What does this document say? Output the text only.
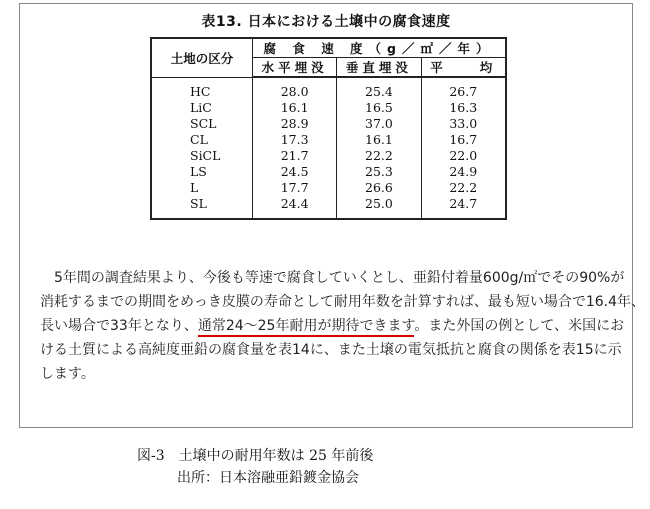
表13. 日本における土壌中の腐食速度
土地の区分	腐 食 速 度（g／㎡／年）		
	水平埋没	垂直埋没	平　　均
HC	28.0	25.4	26.7
LiC	16.1	16.5	16.3
SCL	28.9	37.0	33.0
CL	17.3	16.1	16.7
SiCL	21.7	22.2	22.0
LS	24.5	25.3	24.9
L	17.7	26.6	22.2
SL	24.4	25.0	24.7
5年間の調査結果より、今後も等速で腐食していくとし、亜鉛付着量600g/㎡でその90%が
消耗するまでの期間をめっき皮膜の寿命として耐用年数を計算すれば、最も短い場合で16.4年、
長い場合で33年となり、通常24～25年耐用が期待できます。また外国の例として、米国にお
ける土質による高純度亜鉛の腐食量を表14に、また土壌の電気抵抗と腐食の関係を表15に示
します。
図-3　土壌中の耐用年数は 25 年前後
出所：日本溶融亜鉛鍍金協会
